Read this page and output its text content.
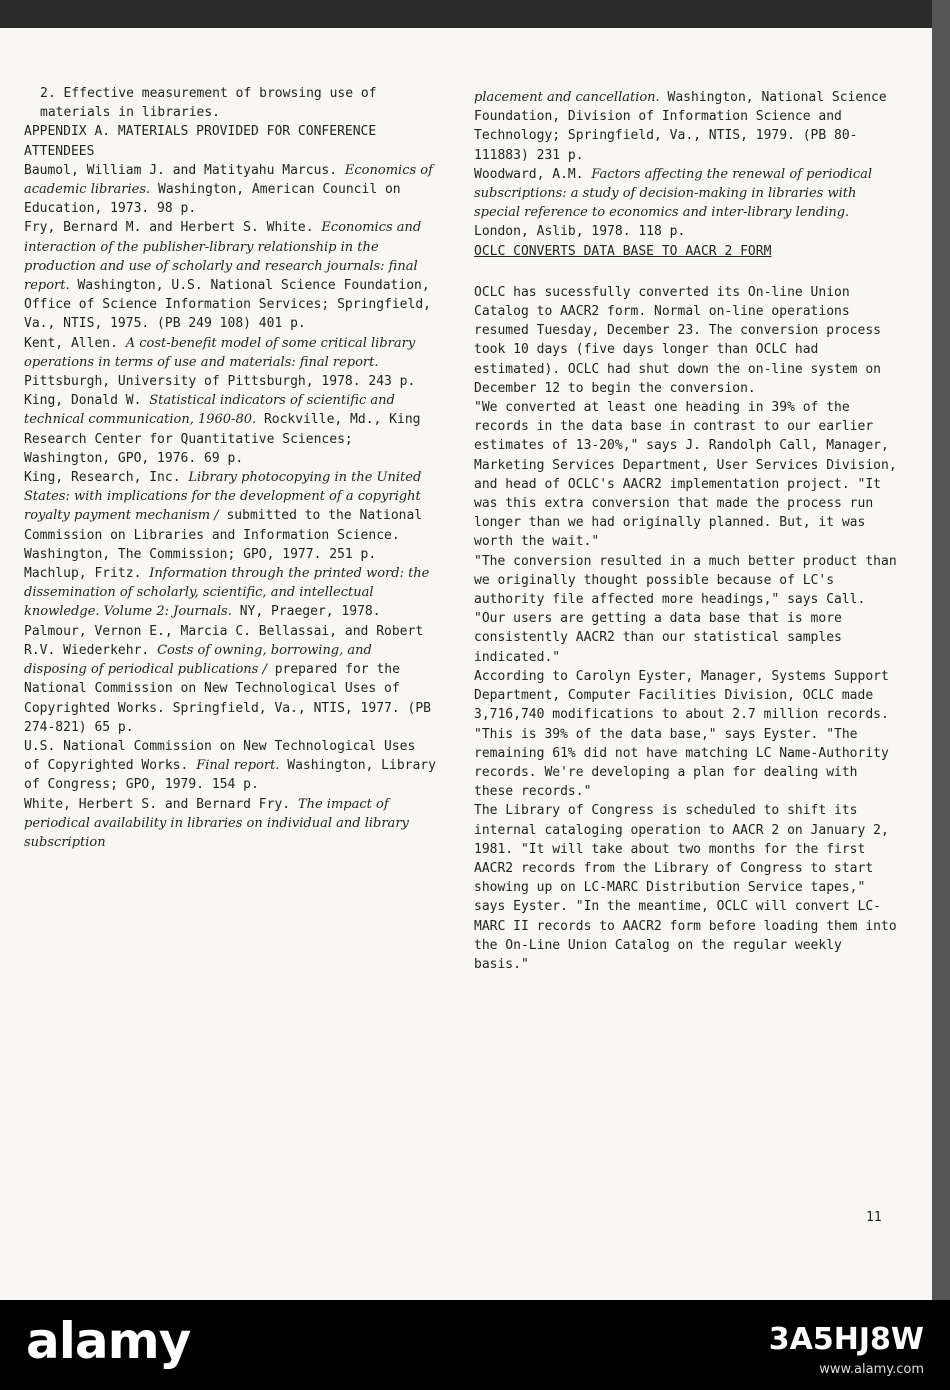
2. Effective measurement of browsing use of materials in libraries.

APPENDIX A. MATERIALS PROVIDED FOR CONFERENCE ATTENDEES

Baumol, William J. and Matityahu Marcus. Economics of academic libraries. Washington, American Council on Education, 1973. 98 p.

Fry, Bernard M. and Herbert S. White. Economics and interaction of the publisher-library relationship in the production and use of scholarly and research journals: final report. Washington, U.S. National Science Foundation, Office of Science Information Services; Springfield, Va., NTIS, 1975. (PB 249 108) 401 p.

Kent, Allen. A cost-benefit model of some critical library operations in terms of use and materials: final report. Pittsburgh, University of Pittsburgh, 1978. 243 p.

King, Donald W. Statistical indicators of scientific and technical communication, 1960-80. Rockville, Md., King Research Center for Quantitative Sciences; Washington, GPO, 1976. 69 p.

King, Research, Inc. Library photocopying in the United States: with implications for the development of a copyright royalty payment mechanism / submitted to the National Commission on Libraries and Information Science. Washington, The Commission; GPO, 1977. 251 p.

Machlup, Fritz. Information through the printed word: the dissemination of scholarly, scientific, and intellectual knowledge. Volume 2: Journals. NY, Praeger, 1978.

Palmour, Vernon E., Marcia C. Bellassai, and Robert R.V. Wiederkehr. Costs of owning, borrowing, and disposing of periodical publications / prepared for the National Commission on New Technological Uses of Copyrighted Works. Springfield, Va., NTIS, 1977. (PB 274-821) 65 p.

U.S. National Commission on New Technological Uses of Copyrighted Works. Final report. Washington, Library of Congress; GPO, 1979. 154 p.

White, Herbert S. and Bernard Fry. The impact of periodical availability in libraries on individual and library subscription

placement and cancellation. Washington, National Science Foundation, Division of Information Science and Technology; Springfield, Va., NTIS, 1979. (PB 80-111883) 231 p.

Woodward, A.M. Factors affecting the renewal of periodical subscriptions: a study of decision-making in libraries with special reference to economics and inter-library lending. London, Aslib, 1978. 118 p.

OCLC CONVERTS DATA BASE TO AACR 2 FORM

OCLC has sucessfully converted its On-line Union Catalog to AACR2 form. Normal on-line operations resumed Tuesday, December 23. The conversion process took 10 days (five days longer than OCLC had estimated). OCLC had shut down the on-line system on December 12 to begin the conversion.

"We converted at least one heading in 39% of the records in the data base in contrast to our earlier estimates of 13-20%," says J. Randolph Call, Manager, Marketing Services Department, User Services Division, and head of OCLC's AACR2 implementation project. "It was this extra conversion that made the process run longer than we had originally planned. But, it was worth the wait."

"The conversion resulted in a much better product than we originally thought possible because of LC's authority file affected more headings," says Call. "Our users are getting a data base that is more consistently AACR2 than our statistical samples indicated."

According to Carolyn Eyster, Manager, Systems Support Department, Computer Facilities Division, OCLC made 3,716,740 modifications to about 2.7 million records. "This is 39% of the data base," says Eyster. "The remaining 61% did not have matching LC Name-Authority records. We're developing a plan for dealing with these records."

The Library of Congress is scheduled to shift its internal cataloging operation to AACR 2 on January 2, 1981. "It will take about two months for the first AACR2 records from the Library of Congress to start showing up on LC-MARC Distribution Service tapes," says Eyster. "In the meantime, OCLC will convert LC-MARC II records to AACR2 form before loading them into the On-Line Union Catalog on the regular weekly basis."

11
alamy	3A5HJ8W
www.alamy.com
